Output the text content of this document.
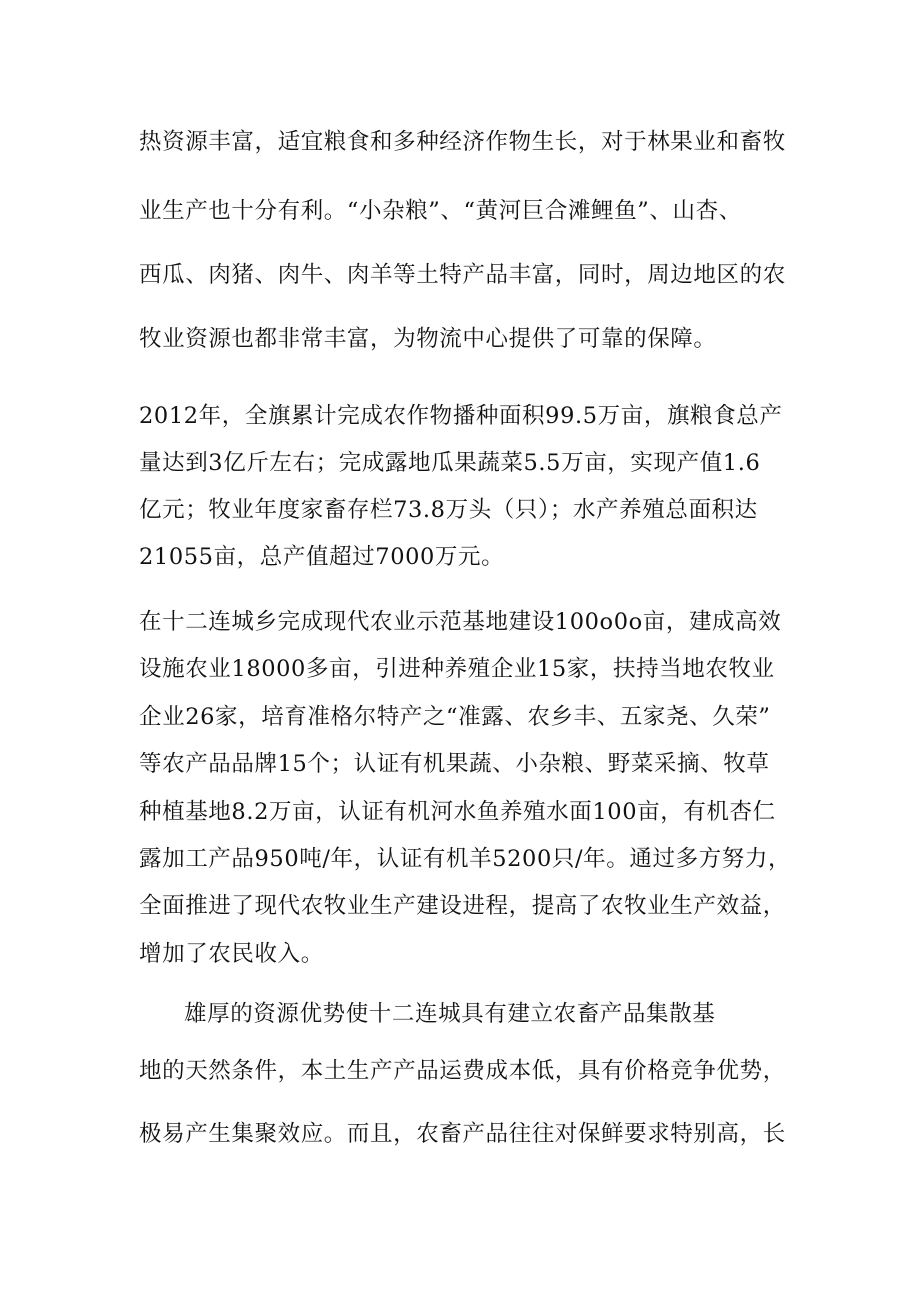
热资源丰富，适宜粮食和多种经济作物生长，对于林果业和畜牧
业生产也十分有利。“小杂粮”、“黄河巨合滩鲤鱼”、山杏、
西瓜、肉猪、肉牛、肉羊等土特产品丰富，同时，周边地区的农
牧业资源也都非常丰富，为物流中心提供了可靠的保障。
2012年，全旗累计完成农作物播种面积99.5万亩，旗粮食总产
量达到3亿斤左右；完成露地瓜果蔬菜5.5万亩，实现产值1.6
亿元；牧业年度家畜存栏73.8万头（只）；水产养殖总面积达
21055亩，总产值超过7000万元。
在十二连城乡完成现代农业示范基地建设100o0o亩，建成高效
设施农业18000多亩，引进种养殖企业15家，扶持当地农牧业
企业26家，培育准格尔特产之“准露、农乡丰、五家尧、久荣”
等农产品品牌15个；认证有机果蔬、小杂粮、野菜采摘、牧草
种植基地8.2万亩，认证有机河水鱼养殖水面100亩，有机杏仁
露加工产品950吨/年，认证有机羊5200只/年。通过多方努力，
全面推进了现代农牧业生产建设进程，提高了农牧业生产效益，
增加了农民收入。
雄厚的资源优势使十二连城具有建立农畜产品集散基
地的天然条件，本土生产产品运费成本低，具有价格竞争优势，
极易产生集聚效应。而且，农畜产品往往对保鲜要求特别高，长
